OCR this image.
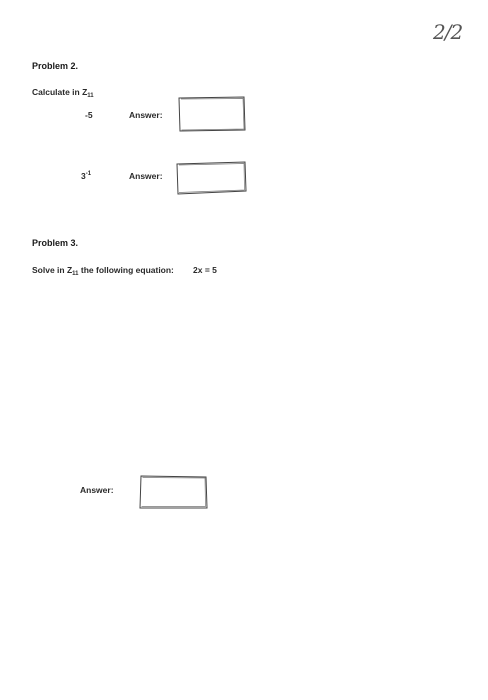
2/2
Problem 2.
Calculate in $Z_{11}$
-5	Answer:
$3^{-1}$	Answer:
Problem 3.
Solve in $Z_{11}$ the following equation: 2x = 5
Answer:
